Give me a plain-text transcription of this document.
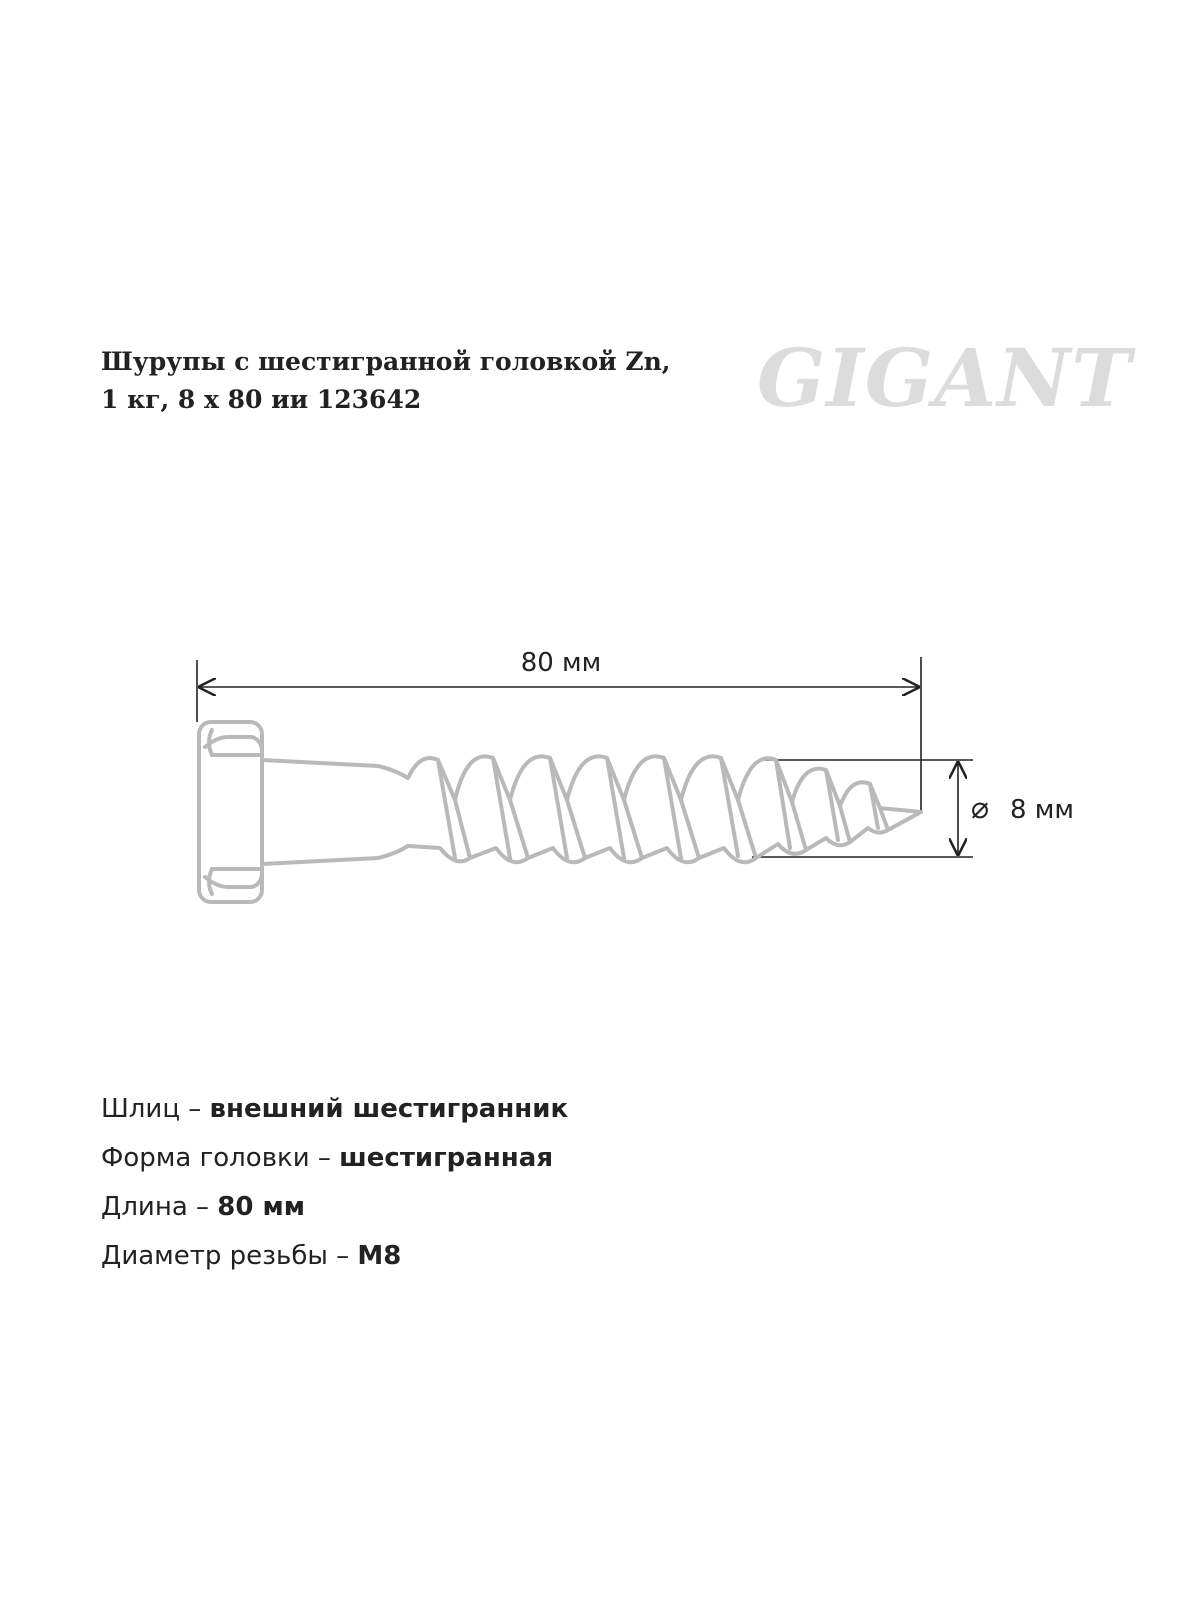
Шурупы с шестигранной головкой Zn,
1 кг, 8 х 80 ии 123642	GIGANT
80 мм
⌀ 8 мм
Шлиц – внешний шестигранник
Форма головки – шестигранная
Длина – 80 мм
Диаметр резьбы – М8
